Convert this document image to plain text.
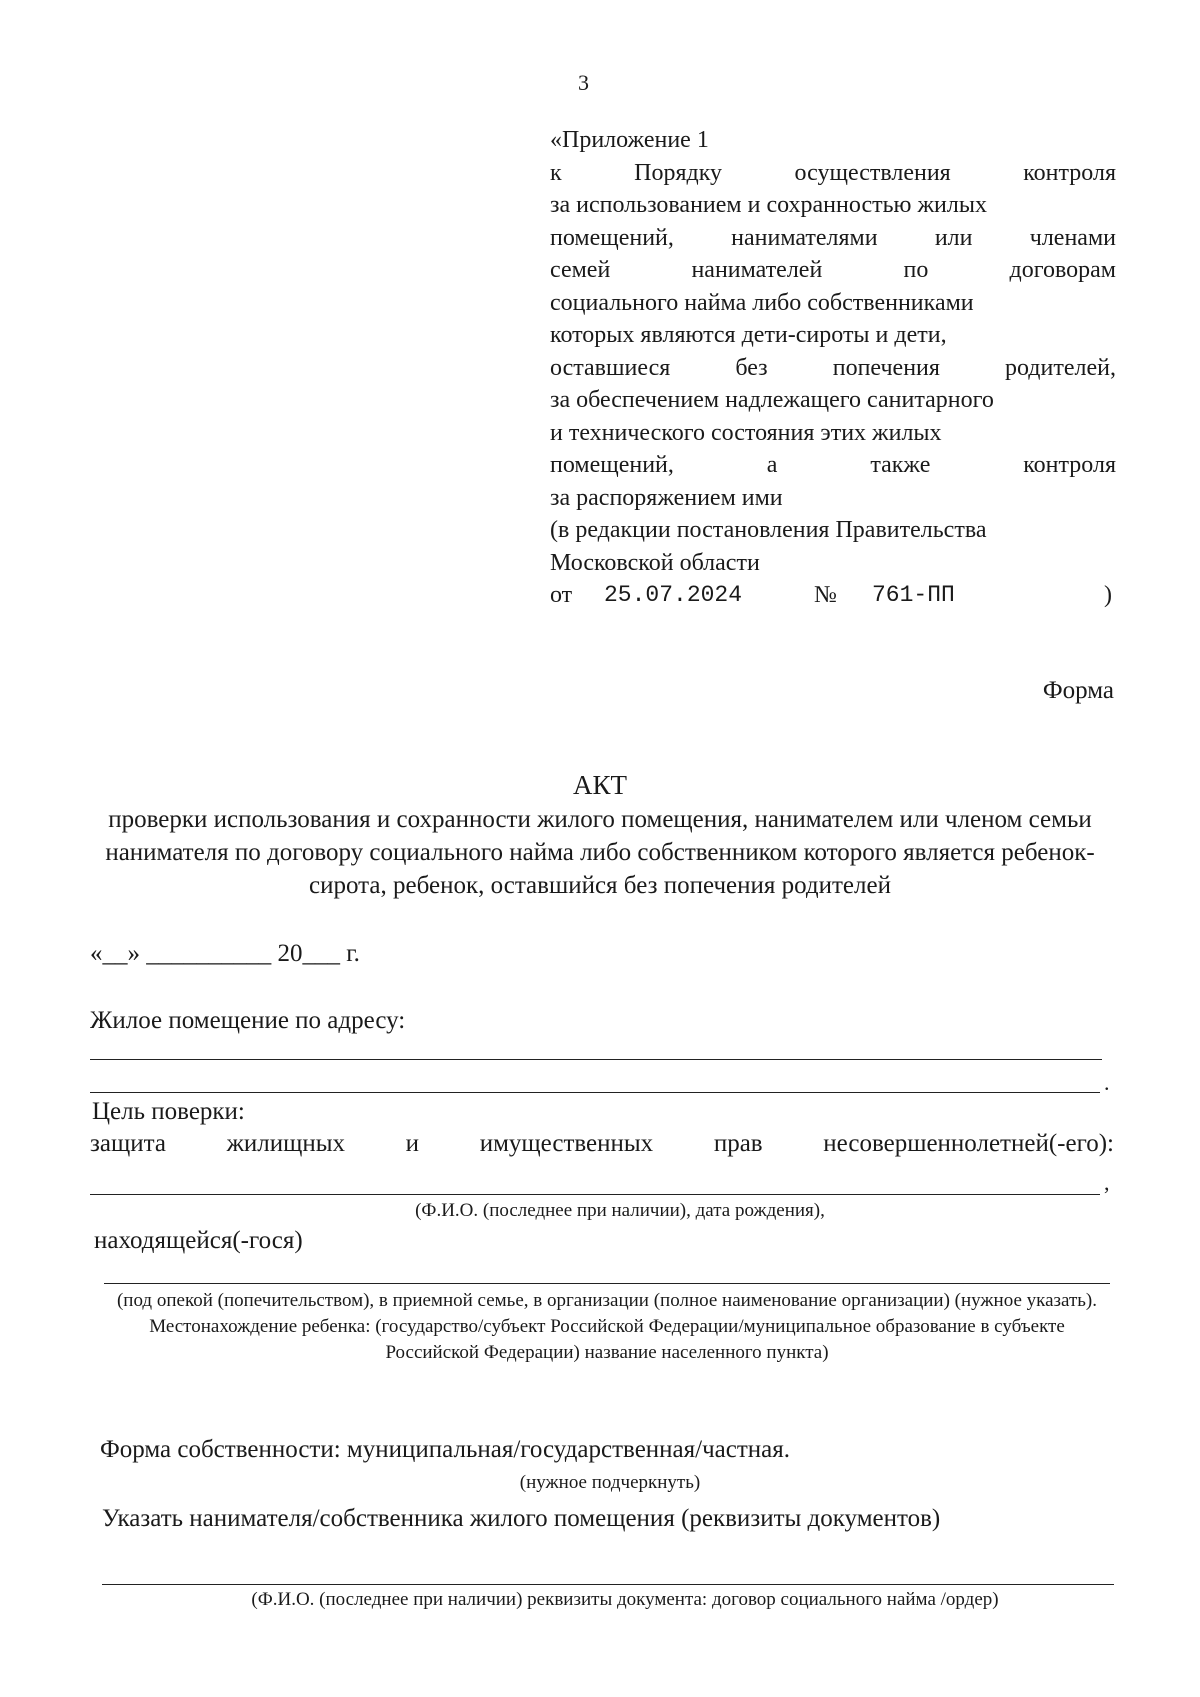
3
«Приложение 1
к	Порядку	осуществления	контроля
за использованием и сохранностью жилых
помещений, нанимателями или членами
семей	нанимателей	по	договорам
социального найма либо собственниками
которых являются дети-сироты и дети,
оставшиеся	без	попечения	родителей,
за обеспечением надлежащего санитарного
и технического состояния этих жилых
помещений,	а	также	контроля
за распоряжением ими
(в редакции постановления Правительства
Московской области
от 25.07.2024	№ 761-ПП	)
Форма
АКТ
проверки использования и сохранности жилого помещения, нанимателем или членом семьи нанимателя по договору социального найма либо собственником которого является ребенок-сирота, ребенок, оставшийся без попечения родителей
«__» __________ 20___ г.
Жилое помещение по адресу:
.
Цель поверки:
защита жилищных и имущественных прав несовершеннолетней(-его):
,
(Ф.И.О. (последнее при наличии), дата рождения),
находящейся(-гося)
(под опекой (попечительством), в приемной семье, в организации (полное наименование организации) (нужное указать). Местонахождение ребенка: (государство/субъект Российской Федерации/муниципальное образование в субъекте Российской Федерации) название населенного пункта)
Форма собственности: муниципальная/государственная/частная.
(нужное подчеркнуть)
Указать нанимателя/собственника жилого помещения (реквизиты документов)
(Ф.И.О. (последнее при наличии) реквизиты документа: договор социального найма /ордер)
